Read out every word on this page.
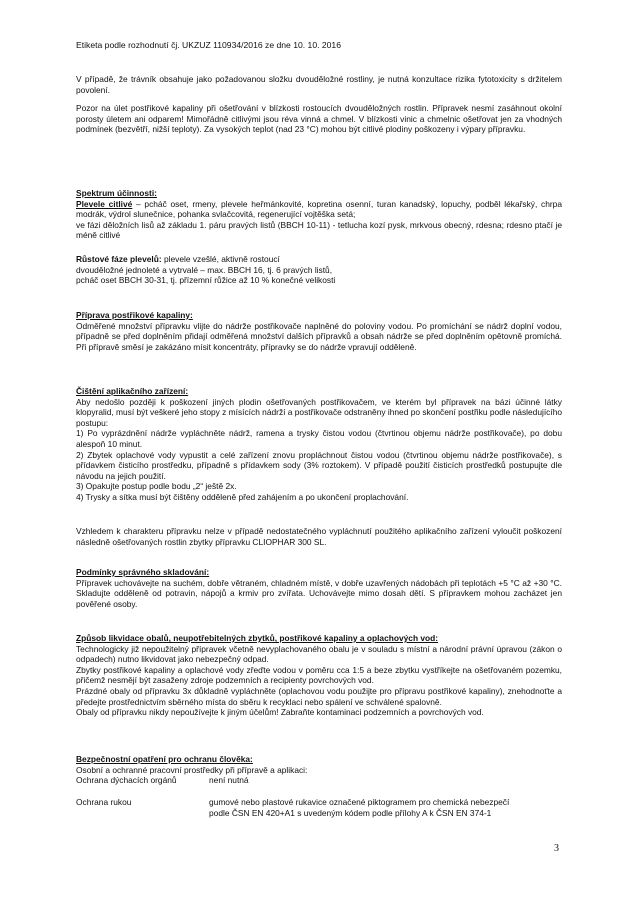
Etiketa podle rozhodnutí čj. UKZUZ 110934/2016 ze dne 10. 10. 2016

V případě, že trávník obsahuje jako požadovanou složku dvouděložné rostliny, je nutná konzultace rizika fytotoxicity s držitelem povolení.

Pozor na úlet postřikové kapaliny při ošetřování v blízkosti rostoucích dvouděložných rostlin. Přípravek nesmí zasáhnout okolní porosty úletem ani odparem! Mimořádně citlivými jsou réva vinná a chmel. V blízkosti vinic a chmelnic ošetřovat jen za vhodných podmínek (bezvětří, nižší teploty). Za vysokých teplot (nad 23 °C) mohou být citlivé plodiny poškozeny i výpary přípravku.

Spektrum účinnosti:

Plevele citlivé – pcháč oset, rmeny, plevele heřmánkovité, kopretina osenní, turan kanadský, lopuchy, podběl lékařský, chrpa modrák, výdrol slunečnice, pohanka svlačcovitá, regenerující vojtěška setá;

ve fázi děložních lisů až základu 1. páru pravých listů (BBCH 10-11) - tetlucha kozí pysk, mrkvous obecný, rdesna; rdesno ptačí je méně citlivé

Růstové fáze plevelů: plevele vzešlé, aktivně rostoucí

dvouděložné jednoleté a vytrvalé – max. BBCH 16, tj. 6 pravých listů,

pcháč oset BBCH 30-31, tj. přízemní růžice až 10 % konečné velikosti

Příprava postřikové kapaliny:

Odměřené množství přípravku vlijte do nádrže postřikovače naplněné do poloviny vodou. Po promíchání se nádrž doplní vodou, případně se před doplněním přidají odměřená množství dalších přípravků a obsah nádrže se před doplněním opětovně promíchá. Při přípravě směsí je zakázáno mísit koncentráty, přípravky se do nádrže vpravují odděleně.

Čištění aplikačního zařízení:

Aby nedošlo později k poškození jiných plodin ošetřovaných postřikovačem, ve kterém byl přípravek na bázi účinné látky klopyralid, musí být veškeré jeho stopy z mísících nádrží a postřikovače odstraněny ihned po skončení postřiku podle následujícího postupu:

1) Po vyprázdnění nádrže vypláchněte nádrž, ramena a trysky čistou vodou (čtvrtinou objemu nádrže postřikovače), po dobu alespoň 10 minut.

2) Zbytek oplachové vody vypustit a celé zařízení znovu propláchnout čistou vodou (čtvrtinou objemu nádrže postřikovače), s přídavkem čisticího prostředku, případně s přídavkem sody (3% roztokem). V případě použití čisticích prostředků postupujte dle návodu na jejich použití.

3) Opakujte postup podle bodu „2“ ještě 2x.

4) Trysky a sítka musí být čištěny odděleně před zahájením a po ukončení proplachování.

Vzhledem k charakteru přípravku nelze v případě nedostatečného vypláchnutí použitého aplikačního zařízení vyloučit poškození následně ošetřovaných rostlin zbytky přípravku CLIOPHAR 300 SL.

Podmínky správného skladování:

Přípravek uchovávejte na suchém, dobře větraném, chladném místě, v dobře uzavřených nádobách při teplotách +5 °C až +30 °C. Skladujte odděleně od potravin, nápojů a krmiv pro zvířata. Uchovávejte mimo dosah dětí. S přípravkem mohou zacházet jen pověřené osoby.

Způsob likvidace obalů, neupotřebitelných zbytků, postřikové kapaliny a oplachových vod:

Technologicky již nepoužitelný přípravek včetně nevyplachovaného obalu je v souladu s místní a národní právní úpravou (zákon o odpadech) nutno likvidovat jako nebezpečný odpad.

Zbytky postřikové kapaliny a oplachové vody zřeďte vodou v poměru cca 1:5 a beze zbytku vystříkejte na ošetřovaném pozemku, přičemž nesmějí být zasaženy zdroje podzemních a recipienty povrchových vod.

Prázdné obaly od přípravku 3x důkladně vypláchněte (oplachovou vodu použijte pro přípravu postřikové kapaliny), znehodnoťte a předejte prostřednictvím sběrného místa do sběru k recyklaci nebo spálení ve schválené spalovně.

Obaly od přípravku nikdy nepoužívejte k jiným účelům! Zabraňte kontaminaci podzemních a povrchových vod.

Bezpečnostní opatření pro ochranu člověka:

Osobní a ochranné pracovní prostředky při přípravě a aplikaci:

Ochrana dýchacích orgánů	není nutná
Ochrana rukou	gumové nebo plastové rukavice označené piktogramem pro chemická nebezpečí
podle ČSN EN 420+A1 s uvedeným kódem podle přílohy A k ČSN EN 374-1
3
